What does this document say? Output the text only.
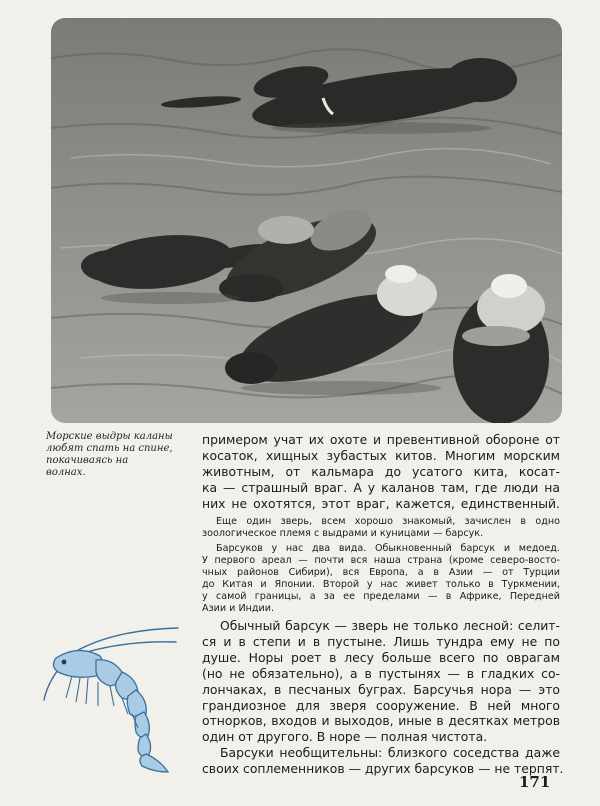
Морские выдры каланы
любят спать на спине,
покачиваясь на
волнах.
примером учат их охоте и превентивной обороне от
косаток, хищных зубастых китов. Многим морским
животным, от кальмара до усатого кита, косат-
ка — страшный враг. А у каланов там, где люди на
них не охотятся, этот враг, кажется, единственный.
Еще один зверь, всем хорошо знакомый, зачислен в одно
зоологическое племя с выдрами и куницами — барсук.
Барсуков у нас два вида. Обыкновенный барсук и медоед.
У первого ареал — почти вся наша страна (кроме северо-восто-
чных районов Сибири), вся Европа, а в Азии — от Турции
до Китая и Японии. Второй у нас живет только в Туркмении,
у самой границы, а за ее пределами — в Африке, Передней
Азии и Индии.
Обычный барсук — зверь не только лесной: селит-
ся и в степи и в пустыне. Лишь тундра ему не по
душе. Норы роет в лесу больше всего по оврагам
(но не обязательно), а в пустынях — в гладких со-
лончаках, в песчаных буграх. Барсучья нора — это
грандиозное для зверя сооружение. В ней много
отнорков, входов и выходов, иные в десятках метров
один от другого. В норе — полная чистота.
Барсуки необщительны: близкого соседства даже
своих соплеменников — других барсуков — не терпят.
171
